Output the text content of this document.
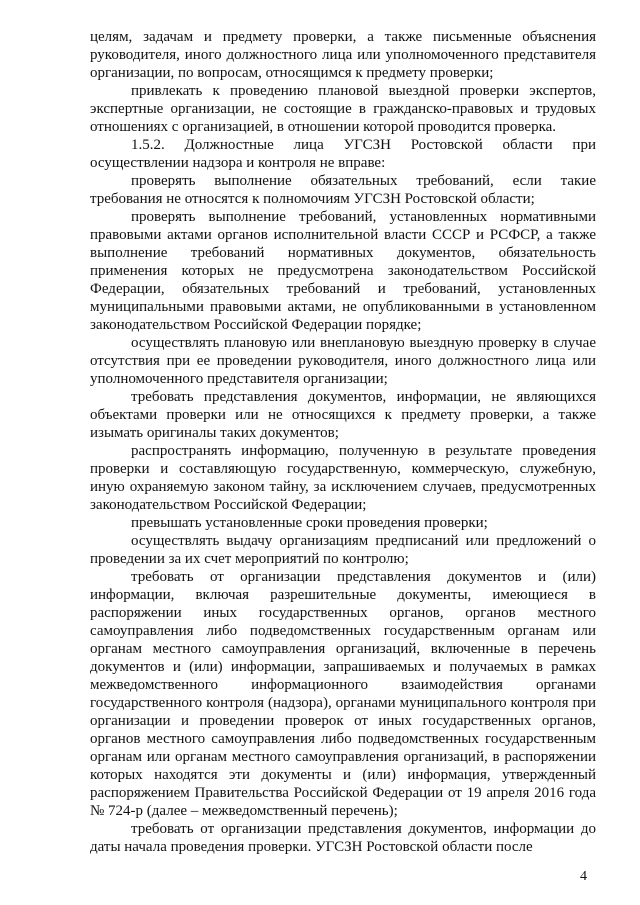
целям, задачам и предмету проверки, а также письменные объяснения руководителя, иного должностного лица или уполномоченного представителя организации, по вопросам, относящимся к предмету проверки;

привлекать к проведению плановой выездной проверки экспертов, экспертные организации, не состоящие в гражданско-правовых и трудовых отношениях с организацией, в отношении которой проводится проверка.

1.5.2. Должностные лица УГСЗН Ростовской области при осуществлении надзора и контроля не вправе:

проверять выполнение обязательных требований, если такие требования не относятся к полномочиям УГСЗН Ростовской области;

проверять выполнение требований, установленных нормативными правовыми актами органов исполнительной власти СССР и РСФСР, а также выполнение требований нормативных документов, обязательность применения которых не предусмотрена законодательством Российской Федерации, обязательных требований и требований, установленных муниципальными правовыми актами, не опубликованными в установленном законодательством Российской Федерации порядке;

осуществлять плановую или внеплановую выездную проверку в случае отсутствия при ее проведении руководителя, иного должностного лица или уполномоченного представителя организации;

требовать представления документов, информации, не являющихся объектами проверки или не относящихся к предмету проверки, а также изымать оригиналы таких документов;

распространять информацию, полученную в результате проведения проверки и составляющую государственную, коммерческую, служебную, иную охраняемую законом тайну, за исключением случаев, предусмотренных законодательством Российской Федерации;

превышать установленные сроки проведения проверки;

осуществлять выдачу организациям предписаний или предложений о проведении за их счет мероприятий по контролю;

требовать от организации представления документов и (или) информации, включая разрешительные документы, имеющиеся в распоряжении иных государственных органов, органов местного самоуправления либо подведомственных государственным органам или органам местного самоуправления организаций, включенные в перечень документов и (или) информации, запрашиваемых и получаемых в рамках межведомственного информационного взаимодействия органами государственного контроля (надзора), органами муниципального контроля при организации и проведении проверок от иных государственных органов, органов местного самоуправления либо подведомственных государственным органам или органам местного самоуправления организаций, в распоряжении которых находятся эти документы и (или) информация, утвержденный распоряжением Правительства Российской Федерации от 19 апреля 2016 года № 724-р (далее – межведомственный перечень);

требовать от организации представления документов, информации до даты начала проведения проверки. УГСЗН Ростовской области после

4
